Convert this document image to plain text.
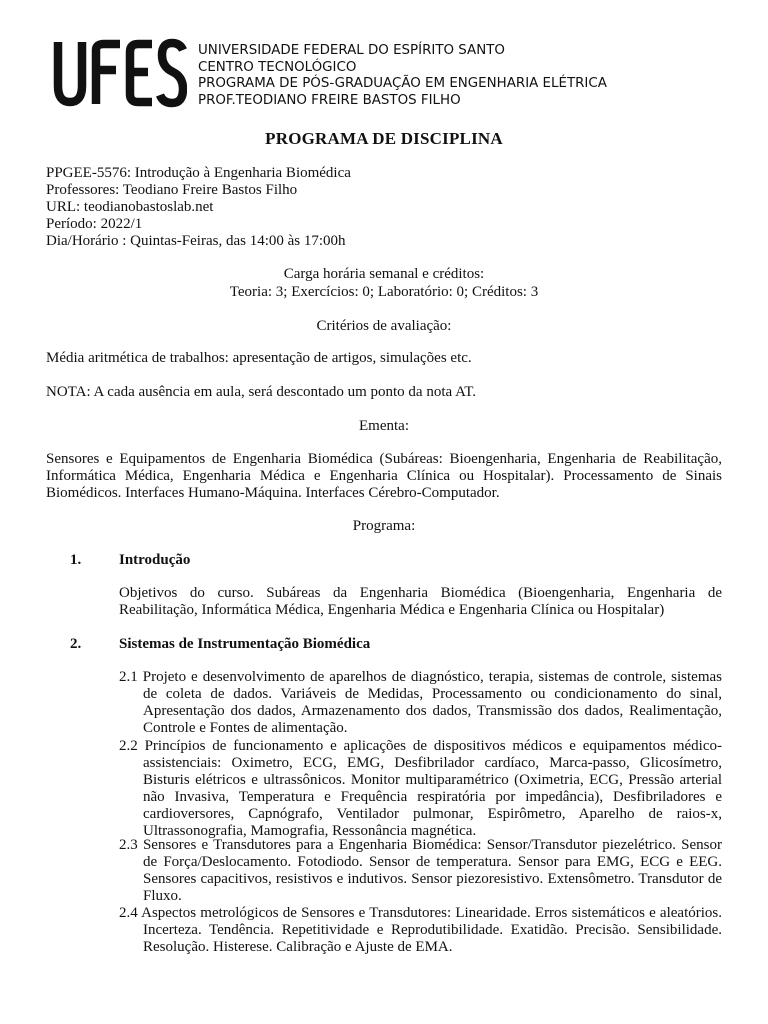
UNIVERSIDADE FEDERAL DO ESPÍRITO SANTO
CENTRO TECNOLÓGICO
PROGRAMA DE PÓS-GRADUAÇÃO EM ENGENHARIA ELÉTRICA
PROF.TEODIANO FREIRE BASTOS FILHO
PROGRAMA DE DISCIPLINA
PPGEE-5576: Introdução à Engenharia Biomédica
Professores: Teodiano Freire Bastos Filho
URL: teodianobastoslab.net
Período: 2022/1
Dia/Horário : Quintas-Feiras, das 14:00 às 17:00h
Carga horária semanal e créditos:
Teoria: 3; Exercícios: 0; Laboratório: 0; Créditos: 3
Critérios de avaliação:
Média aritmética de trabalhos: apresentação de artigos, simulações etc.
NOTA: A cada ausência em aula, será descontado um ponto da nota AT.
Ementa:
Sensores e Equipamentos de Engenharia Biomédica (Subáreas: Bioengenharia, Engenharia de Reabilitação, Informática Médica, Engenharia Médica e Engenharia Clínica ou Hospitalar). Processamento de Sinais Biomédicos. Interfaces Humano-Máquina. Interfaces Cérebro-Computador.
Programa:
1.	Introdução
Objetivos do curso. Subáreas da Engenharia Biomédica (Bioengenharia, Engenharia de Reabilitação, Informática Médica, Engenharia Médica e Engenharia Clínica ou Hospitalar)
2.	Sistemas de Instrumentação Biomédica
2.1 Projeto e desenvolvimento de aparelhos de diagnóstico, terapia, sistemas de controle, sistemas de coleta de dados. Variáveis de Medidas, Processamento ou condicionamento do sinal, Apresentação dos dados, Armazenamento dos dados, Transmissão dos dados, Realimentação, Controle e Fontes de alimentação.
2.2 Princípios de funcionamento e aplicações de dispositivos médicos e equipamentos médico-assistenciais: Oximetro, ECG, EMG, Desfibrilador cardíaco, Marca-passo, Glicosímetro, Bisturis elétricos e ultrassônicos. Monitor multiparamétrico (Oximetria, ECG, Pressão arterial não Invasiva, Temperatura e Frequência respiratória por impedância), Desfibriladores e cardioversores, Capnógrafo, Ventilador pulmonar, Espirômetro, Aparelho de raios-x, Ultrassonografia, Mamografia, Ressonância magnética.
2.3 Sensores e Transdutores para a Engenharia Biomédica: Sensor/Transdutor piezelétrico. Sensor de Força/Deslocamento. Fotodiodo. Sensor de temperatura. Sensor para EMG, ECG e EEG. Sensores capacitivos, resistivos e indutivos. Sensor piezoresistivo. Extensômetro. Transdutor de Fluxo.
2.4 Aspectos metrológicos de Sensores e Transdutores: Linearidade. Erros sistemáticos e aleatórios. Incerteza. Tendência. Repetitividade e Reprodutibilidade. Exatidão. Precisão. Sensibilidade. Resolução. Histerese. Calibração e Ajuste de EMA.
